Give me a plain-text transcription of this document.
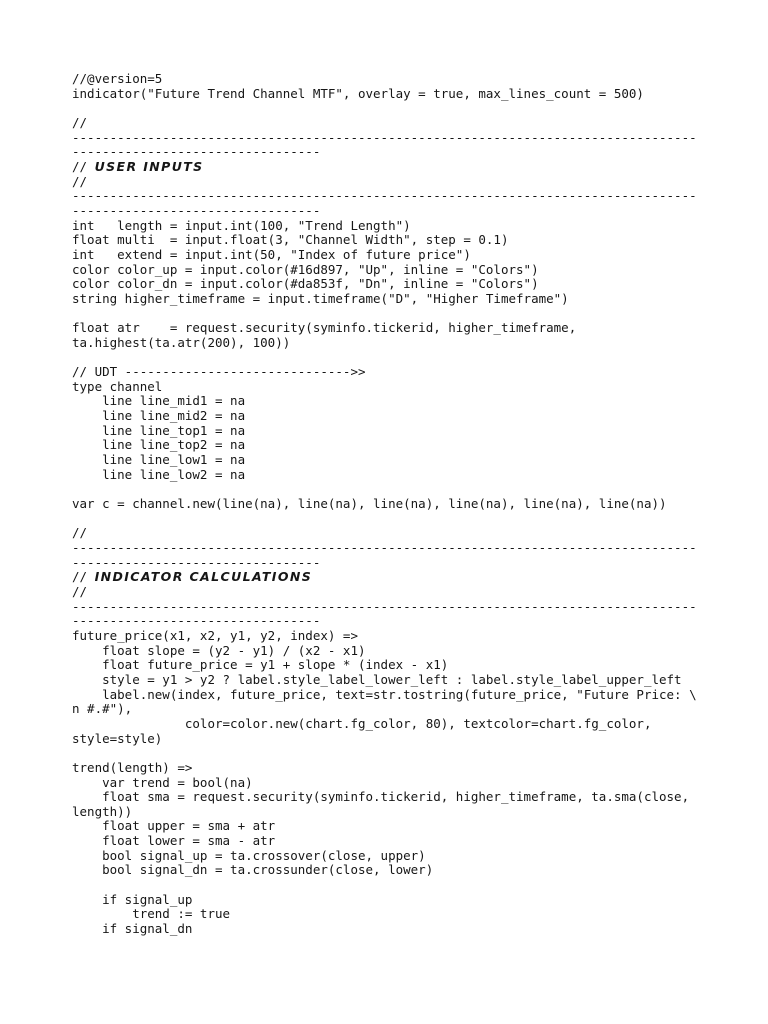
//@version=5
indicator("Future Trend Channel MTF", overlay = true, max_lines_count = 500)
//
-----------------------------------------------------------------------------------
---------------------------------
// USER INPUTS
//
-----------------------------------------------------------------------------------
---------------------------------
int   length = input.int(100, "Trend Length")
float multi  = input.float(3, "Channel Width", step = 0.1)
int   extend = input.int(50, "Index of future price")
color color_up = input.color(#16d897, "Up", inline = "Colors")
color color_dn = input.color(#da853f, "Dn", inline = "Colors")
string higher_timeframe = input.timeframe("D", "Higher Timeframe")
float atr    = request.security(syminfo.tickerid, higher_timeframe,
ta.highest(ta.atr(200), 100))
// UDT ------------------------------>>
type channel
line line_mid1 = na
line line_mid2 = na
line line_top1 = na
line line_top2 = na
line line_low1 = na
line line_low2 = na
var c = channel.new(line(na), line(na), line(na), line(na), line(na), line(na))
//
-----------------------------------------------------------------------------------
---------------------------------
// INDICATOR CALCULATIONS
//
-----------------------------------------------------------------------------------
---------------------------------
future_price(x1, x2, y1, y2, index) =>
float slope = (y2 - y1) / (x2 - x1)
float future_price = y1 + slope * (index - x1)
style = y1 > y2 ? label.style_label_lower_left : label.style_label_upper_left
label.new(index, future_price, text=str.tostring(future_price, "Future Price: \
n #.#"),
color=color.new(chart.fg_color, 80), textcolor=chart.fg_color,
style=style)
trend(length) =>
var trend = bool(na)
float sma = request.security(syminfo.tickerid, higher_timeframe, ta.sma(close,
length))
float upper = sma + atr
float lower = sma - atr
bool signal_up = ta.crossover(close, upper)
bool signal_dn = ta.crossunder(close, lower)
if signal_up
trend := true
if signal_dn
